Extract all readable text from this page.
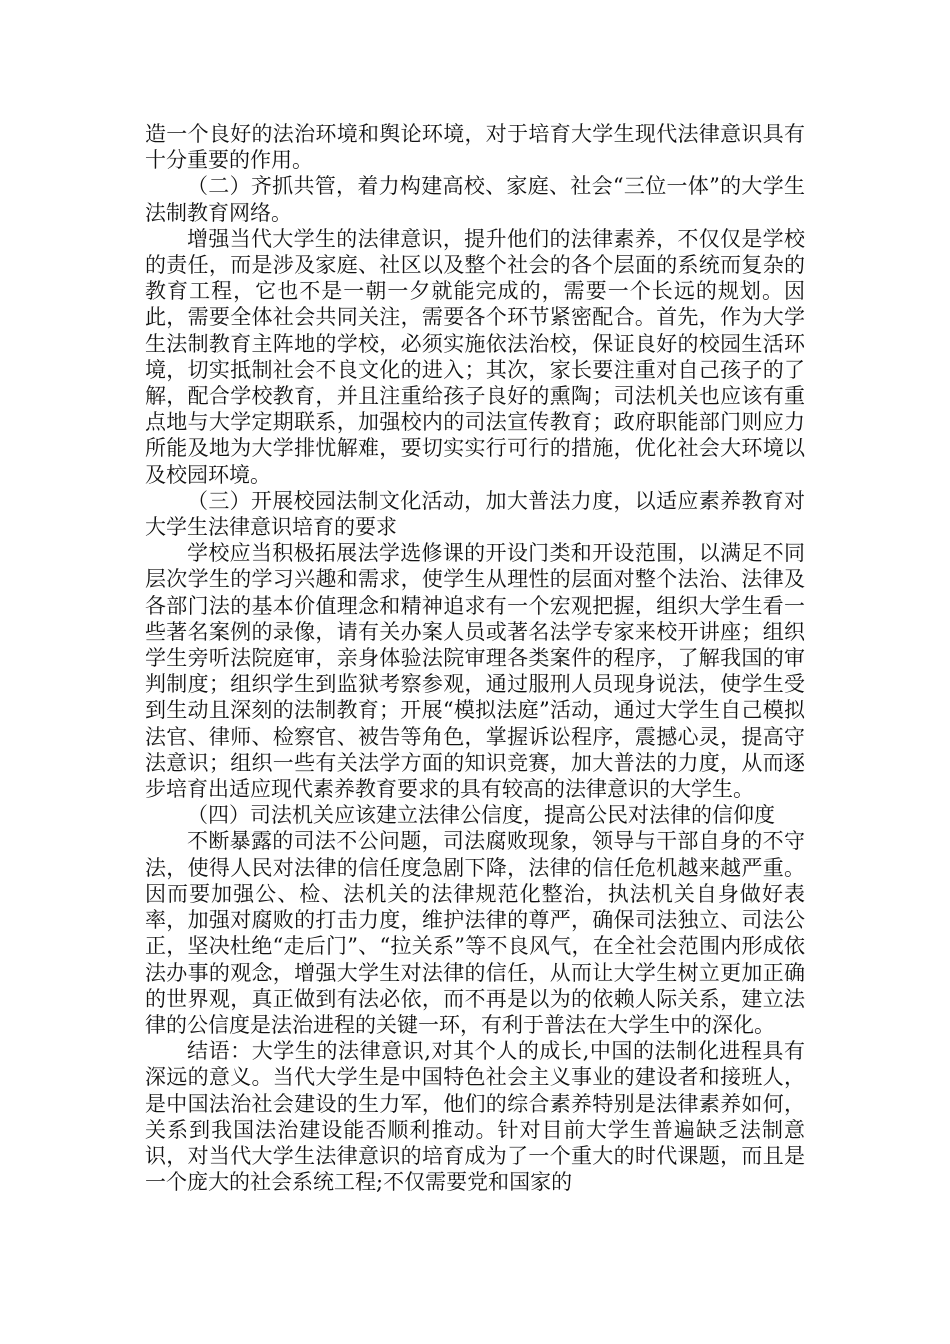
造一个良好的法治环境和舆论环境，对于培育大学生现代法律意识具有十分重要的作用。

（二）齐抓共管，着力构建高校、家庭、社会“三位一体”的大学生法制教育网络。

增强当代大学生的法律意识，提升他们的法律素养，不仅仅是学校的责任，而是涉及家庭、社区以及整个社会的各个层面的系统而复杂的教育工程，它也不是一朝一夕就能完成的，需要一个长远的规划。因此，需要全体社会共同关注，需要各个环节紧密配合。首先，作为大学生法制教育主阵地的学校，必须实施依法治校，保证良好的校园生活环境，切实抵制社会不良文化的进入；其次，家长要注重对自己孩子的了解，配合学校教育，并且注重给孩子良好的熏陶；司法机关也应该有重点地与大学定期联系，加强校内的司法宣传教育；政府职能部门则应力所能及地为大学排忧解难，要切实实行可行的措施，优化社会大环境以及校园环境。

（三）开展校园法制文化活动，加大普法力度，以适应素养教育对大学生法律意识培育的要求

学校应当积极拓展法学选修课的开设门类和开设范围，以满足不同层次学生的学习兴趣和需求，使学生从理性的层面对整个法治、法律及各部门法的基本价值理念和精神追求有一个宏观把握，组织大学生看一些著名案例的录像，请有关办案人员或著名法学专家来校开讲座；组织学生旁听法院庭审，亲身体验法院审理各类案件的程序，了解我国的审判制度；组织学生到监狱考察参观，通过服刑人员现身说法，使学生受到生动且深刻的法制教育；开展“模拟法庭”活动，通过大学生自己模拟法官、律师、检察官、被告等角色，掌握诉讼程序，震撼心灵，提高守法意识；组织一些有关法学方面的知识竞赛，加大普法的力度，从而逐步培育出适应现代素养教育要求的具有较高的法律意识的大学生。

（四）司法机关应该建立法律公信度，提高公民对法律的信仰度

不断暴露的司法不公问题，司法腐败现象，领导与干部自身的不守法，使得人民对法律的信任度急剧下降，法律的信任危机越来越严重。因而要加强公、检、法机关的法律规范化整治，执法机关自身做好表率，加强对腐败的打击力度，维护法律的尊严，确保司法独立、司法公正，坚决杜绝“走后门”、“拉关系”等不良风气，在全社会范围内形成依法办事的观念，增强大学生对法律的信任，从而让大学生树立更加正确的世界观，真正做到有法必依，而不再是以为的依赖人际关系，建立法律的公信度是法治进程的关键一环，有利于普法在大学生中的深化。

结语：大学生的法律意识,对其个人的成长,中国的法制化进程具有深远的意义。当代大学生是中国特色社会主义事业的建设者和接班人，是中国法治社会建设的生力军，他们的综合素养特别是法律素养如何，关系到我国法治建设能否顺利推动。针对目前大学生普遍缺乏法制意识，对当代大学生法律意识的培育成为了一个重大的时代课题，而且是一个庞大的社会系统工程;不仅需要党和国家的
